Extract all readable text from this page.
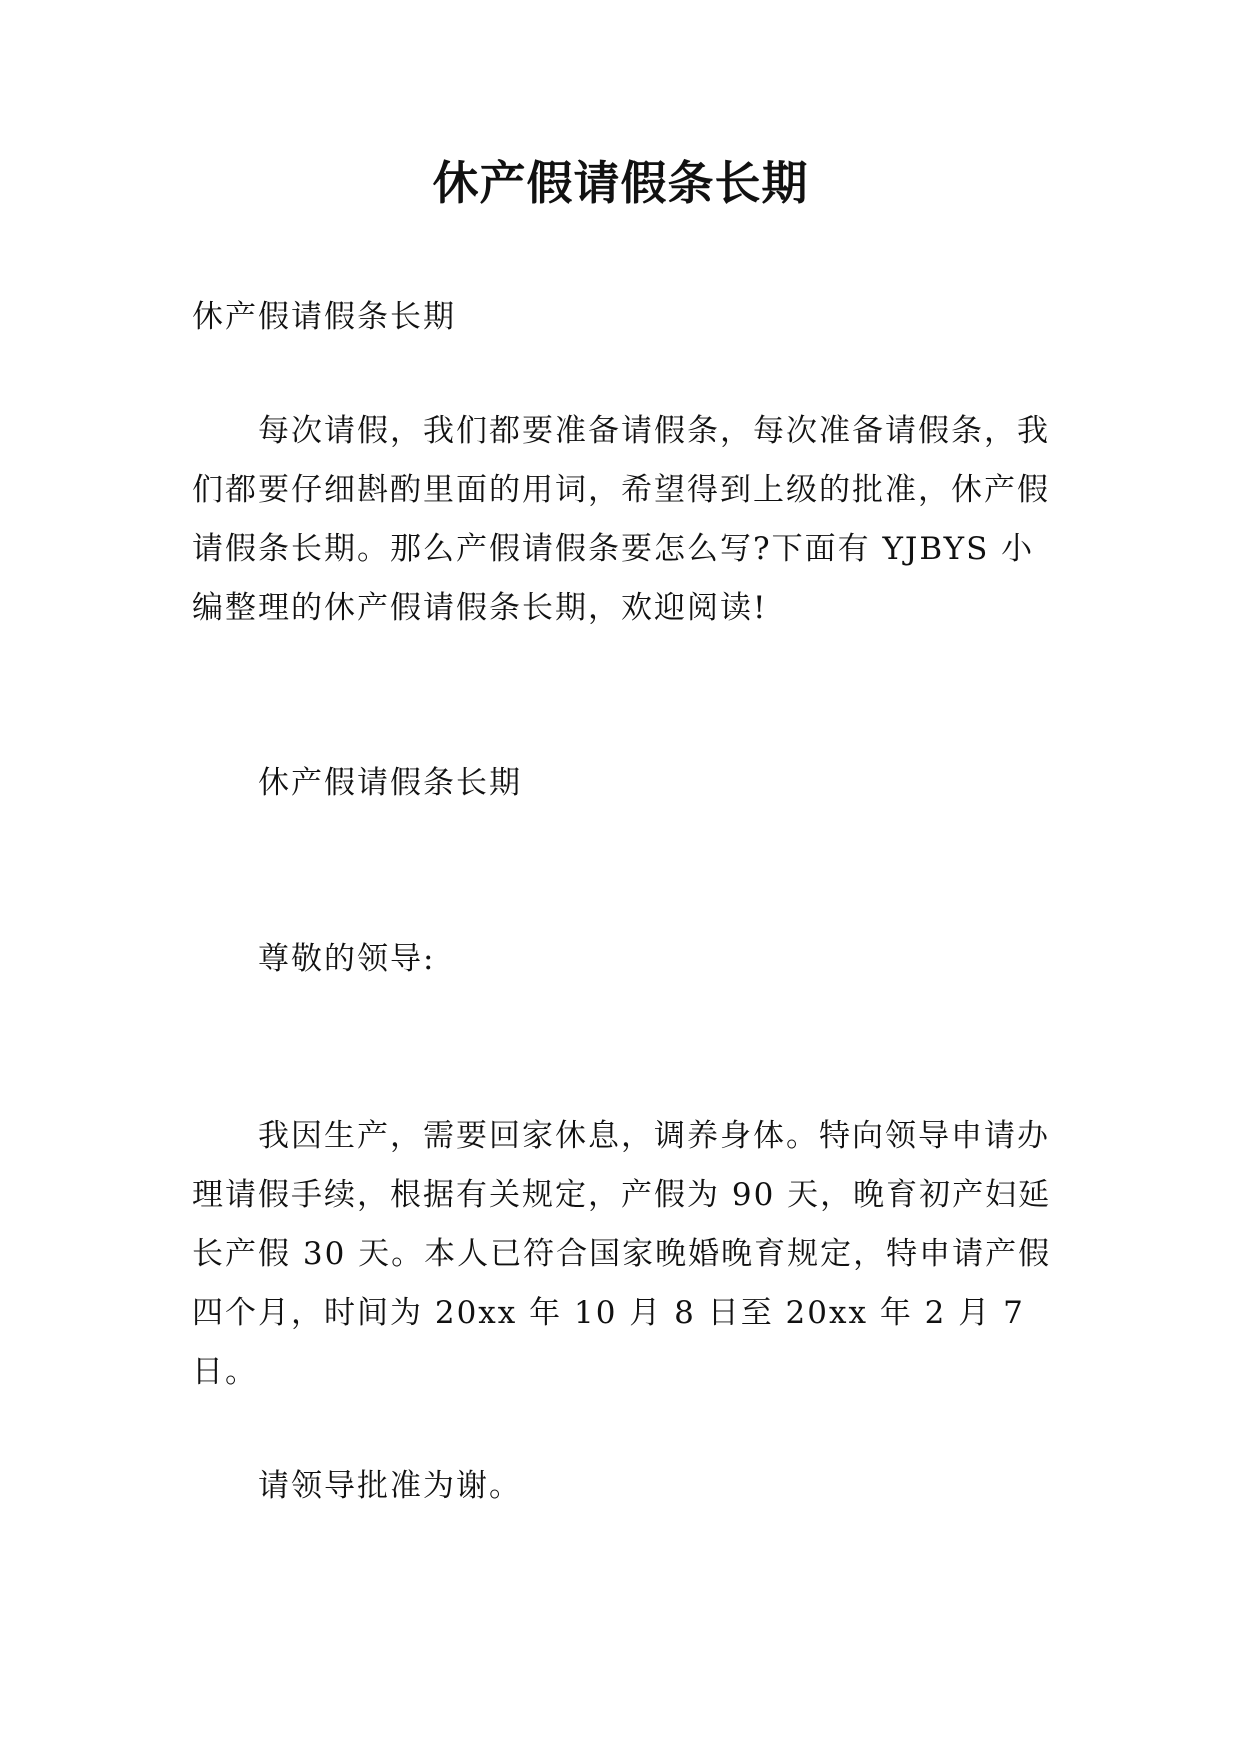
休产假请假条长期

休产假请假条长期

每次请假，我们都要准备请假条，每次准备请假条，我们都要仔细斟酌里面的用词，希望得到上级的批准，休产假请假条长期。那么产假请假条要怎么写?下面有 YJBYS 小编整理的休产假请假条长期，欢迎阅读!

休产假请假条长期

尊敬的领导:

我因生产，需要回家休息，调养身体。特向领导申请办理请假手续，根据有关规定，产假为 90 天，晚育初产妇延长产假 30 天。本人已符合国家晚婚晚育规定，特申请产假四个月，时间为 20xx 年 10 月 8 日至 20xx 年 2 月 7 日。

请领导批准为谢。
